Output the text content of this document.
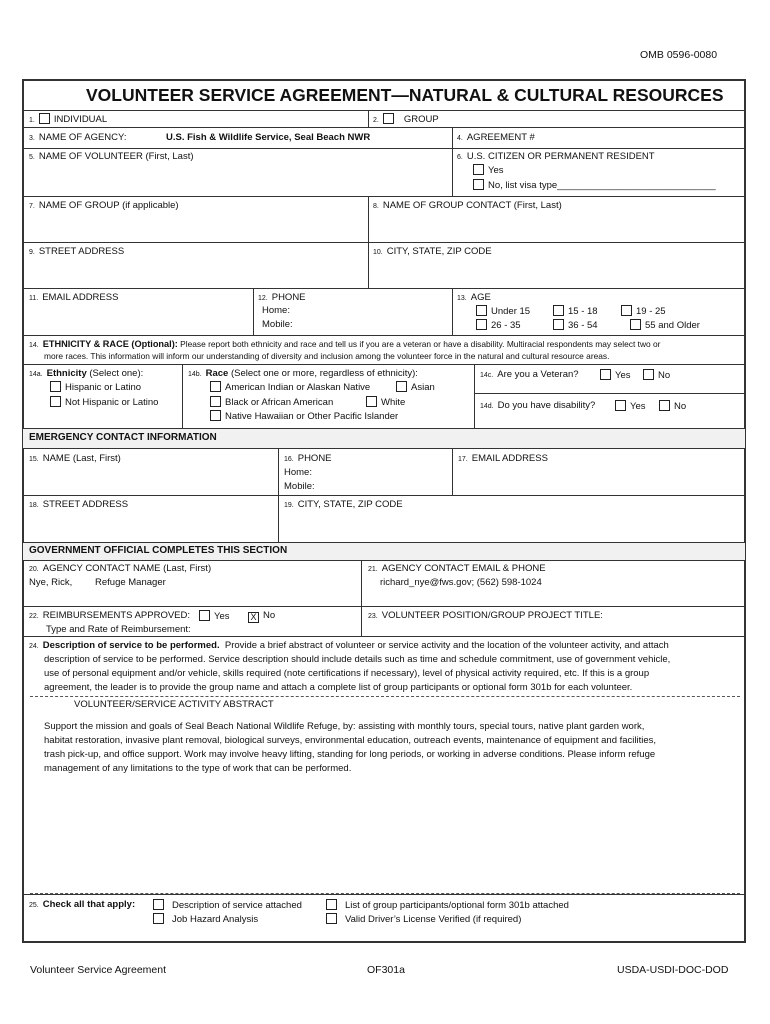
OMB 0596-0080
VOLUNTEER SERVICE AGREEMENT—NATURAL & CULTURAL RESOURCES
1. INDIVIDUAL	2.	GROUP
3. NAME OF AGENCY:	U.S. Fish & Wildlife Service, Seal Beach NWR	4. AGREEMENT #
5. NAME OF VOLUNTEER (First, Last)	6. U.S. CITIZEN OR PERMANENT RESIDENT
Yes
No, list visa type______________________________
7. NAME OF GROUP (if applicable)	8. NAME OF GROUP CONTACT (First, Last)
9. STREET ADDRESS	10. CITY, STATE, ZIP CODE
11. EMAIL ADDRESS	12. PHONE
Home:
Mobile:
13. AGE
Under 15	15 - 18	19 - 25
26 - 35	36 - 54	55 and Older
14. ETHNICITY & RACE (Optional): Please report both ethnicity and race and tell us if you are a veteran or have a disability. Multiracial respondents may select two or
more races. This information will inform our understanding of diversity and inclusion among the volunteer force in the natural and cultural resource areas.
14a. Ethnicity (Select one):
Hispanic or Latino
Not Hispanic or Latino
14b. Race (Select one or more, regardless of ethnicity):
American Indian or Alaskan Native	Asian
Black or African American	White
Native Hawaiian or Other Pacific Islander
14c. Are you a Veteran?	Yes	No
14d. Do you have disability?	Yes	No
EMERGENCY CONTACT INFORMATION
15. NAME (Last, First)	16. PHONE
Home:
Mobile:
17. EMAIL ADDRESS
18. STREET ADDRESS	19. CITY, STATE, ZIP CODE
GOVERNMENT OFFICIAL COMPLETES THIS SECTION
20. AGENCY CONTACT NAME (Last, First)
Nye, Rick, Refuge Manager
21. AGENCY CONTACT EMAIL & PHONE
richard_nye@fws.gov; (562) 598-1024
22. REIMBURSEMENTS APPROVED:	Yes X No
Type and Rate of Reimbursement:
23. VOLUNTEER POSITION/GROUP PROJECT TITLE:
24. Description of service to be performed. Provide a brief abstract of volunteer or service activity and the location of the volunteer activity, and attach
description of service to be performed. Service description should include details such as time and schedule commitment, use of government vehicle,
use of personal equipment and/or vehicle, skills required (note certifications if necessary), level of physical activity required, etc. If this is a group
agreement, the leader is to provide the group name and attach a complete list of group participants or optional form 301b for each volunteer.
VOLUNTEER/SERVICE ACTIVITY ABSTRACT
Support the mission and goals of Seal Beach National Wildlife Refuge, by: assisting with monthly tours, special tours, native plant garden work,
habitat restoration, invasive plant removal, biological surveys, environmental education, outreach events, maintenance of equipment and facilities,
trash pick-up, and office support. Work may involve heavy lifting, standing for long periods, or working in adverse conditions. Please inform refuge
management of any limitations to the type of work that can be performed.
25. Check all that apply:	Description of service attached
Job Hazard Analysis
List of group participants/optional form 301b attached
Valid Driver’s License Verified (if required)
Volunteer Service Agreement	OF301a	USDA-USDI-DOC-DOD
